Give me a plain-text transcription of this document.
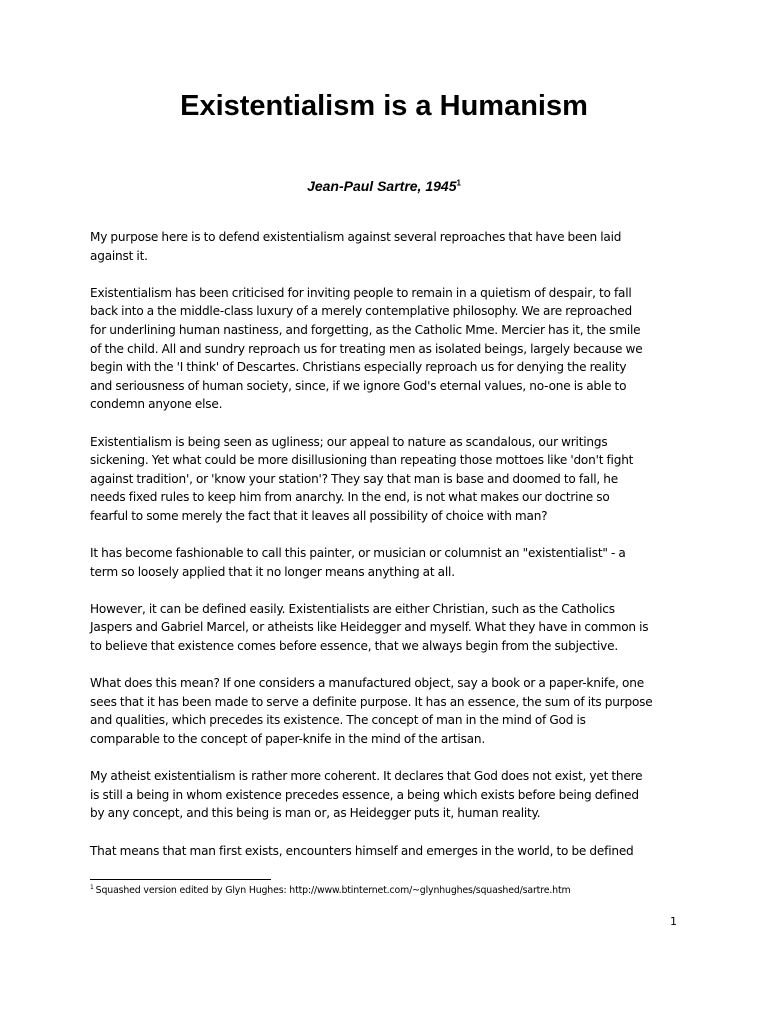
Existentialism is a Humanism
Jean-Paul Sartre, 1945$^1$

My purpose here is to defend existentialism against several reproaches that have been laid
against it.

Existentialism has been criticised for inviting people to remain in a quietism of despair, to fall
back into a the middle-class luxury of a merely contemplative philosophy. We are reproached
for underlining human nastiness, and forgetting, as the Catholic Mme. Mercier has it, the smile
of the child. All and sundry reproach us for treating men as isolated beings, largely because we
begin with the 'I think' of Descartes. Christians especially reproach us for denying the reality
and seriousness of human society, since, if we ignore God's eternal values, no-one is able to
condemn anyone else.

Existentialism is being seen as ugliness; our appeal to nature as scandalous, our writings
sickening. Yet what could be more disillusioning than repeating those mottoes like 'don't fight
against tradition', or 'know your station'? They say that man is base and doomed to fall, he
needs fixed rules to keep him from anarchy. In the end, is not what makes our doctrine so
fearful to some merely the fact that it leaves all possibility of choice with man?

It has become fashionable to call this painter, or musician or columnist an "existentialist" - a
term so loosely applied that it no longer means anything at all.

However, it can be defined easily. Existentialists are either Christian, such as the Catholics
Jaspers and Gabriel Marcel, or atheists like Heidegger and myself. What they have in common is
to believe that existence comes before essence, that we always begin from the subjective.

What does this mean? If one considers a manufactured object, say a book or a paper-knife, one
sees that it has been made to serve a definite purpose. It has an essence, the sum of its purpose
and qualities, which precedes its existence. The concept of man in the mind of God is
comparable to the concept of paper-knife in the mind of the artisan.

My atheist existentialism is rather more coherent. It declares that God does not exist, yet there
is still a being in whom existence precedes essence, a being which exists before being defined
by any concept, and this being is man or, as Heidegger puts it, human reality.

That means that man first exists, encounters himself and emerges in the world, to be defined

$^1$ Squashed version edited by Glyn Hughes: http://www.btinternet.com/~glynhughes/squashed/sartre.htm
1
